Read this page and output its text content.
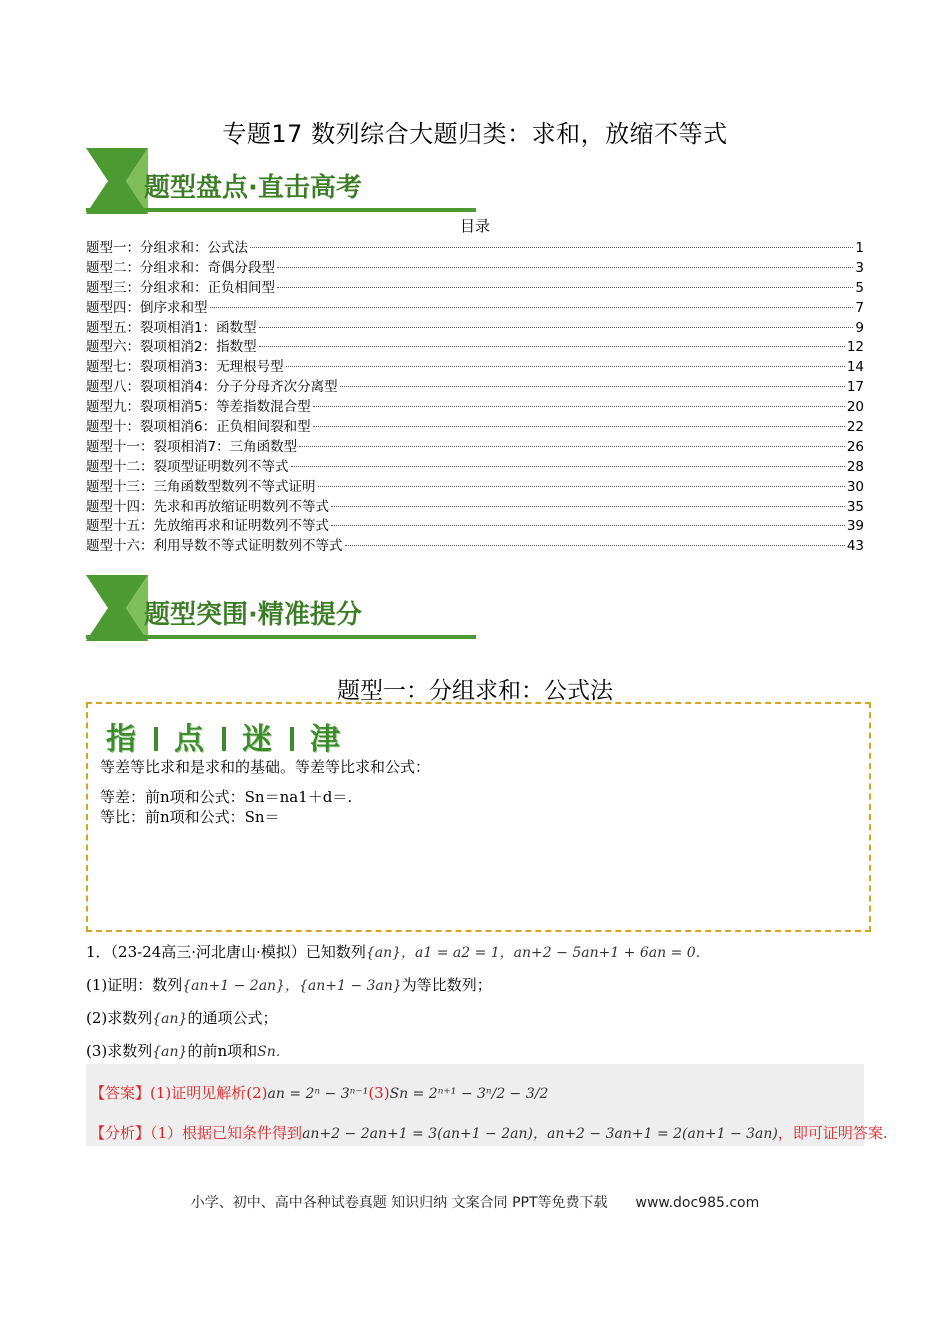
专题17 数列综合大题归类：求和，放缩不等式
题型盘点·直击高考
目录
题型一：分组求和：公式法	1
题型二：分组求和：奇偶分段型	3
题型三：分组求和：正负相间型	5
题型四：倒序求和型	7
题型五：裂项相消1：函数型	9
题型六：裂项相消2：指数型	12
题型七：裂项相消3：无理根号型	14
题型八：裂项相消4：分子分母齐次分离型	17
题型九：裂项相消5：等差指数混合型	20
题型十：裂项相消6：正负相间裂和型	22
题型十一：裂项相消7：三角函数型	26
题型十二：裂项型证明数列不等式	28
题型十三：三角函数型数列不等式证明	30
题型十四：先求和再放缩证明数列不等式	35
题型十五：先放缩再求和证明数列不等式	39
题型十六：利用导数不等式证明数列不等式	43
题型突围·精准提分
题型一：分组求和：公式法
指 点 迷 津
等差等比求和是求和的基础。等差等比求和公式：
等差：前n项和公式：Sn＝na1＋d＝.
等比：前n项和公式：Sn＝
1．（23-24高三·河北唐山·模拟）已知数列{an}，a1 = a2 = 1，an+2 − 5an+1 + 6an = 0．
(1)证明：数列{an+1 − 2an}，{an+1 − 3an}为等比数列；
(2)求数列{an}的通项公式；
(3)求数列{an}的前n项和Sn．
【答案】(1)证明见解析(2)an = 2ⁿ − 3ⁿ⁻¹(3)Sn = 2ⁿ⁺¹ − 3ⁿ/2 − 3/2
【分析】（1）根据已知条件得到an+2 − 2an+1 = 3(an+1 − 2an)，an+2 − 3an+1 = 2(an+1 − 3an)，即可证明答案.
小学、初中、高中各种试卷真题 知识归纳 文案合同 PPT等免费下载　　www.doc985.com
